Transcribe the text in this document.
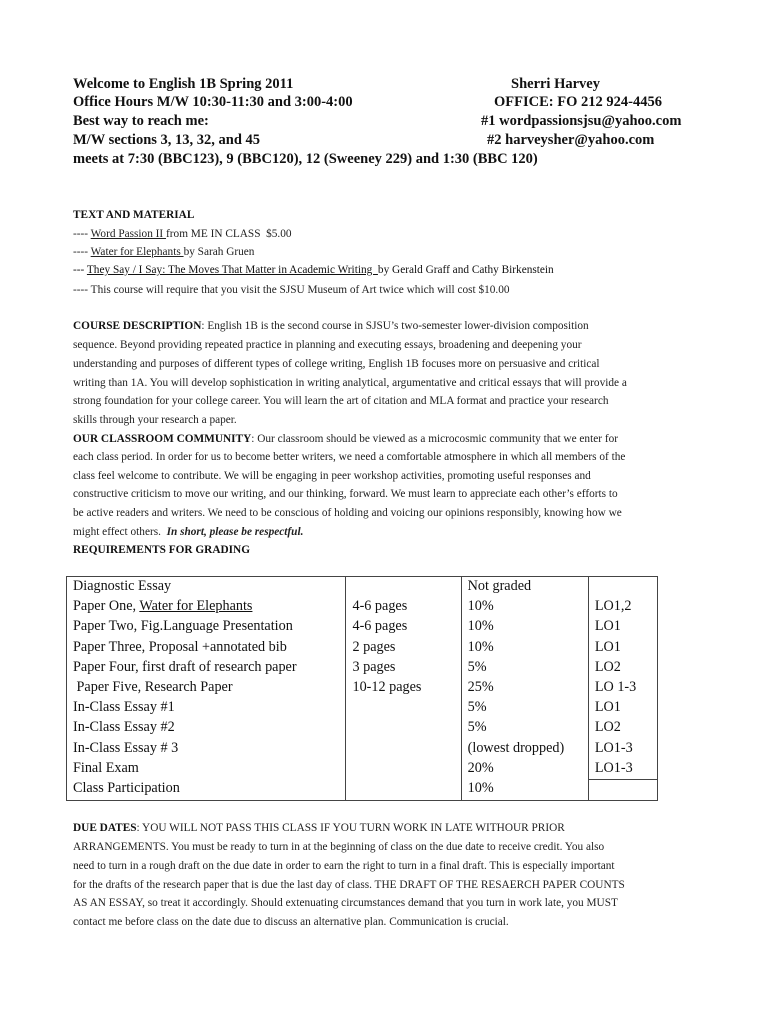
Welcome to English 1B Spring 2011	Sherri Harvey
Office Hours M/W 10:30-11:30 and 3:00-4:00	OFFICE: FO 212 924-4456
Best way to reach me:	#1 wordpassionsjsu@yahoo.com
M/W sections 3, 13, 32, and 45	#2 harveysher@yahoo.com
meets at 7:30 (BBC123), 9 (BBC120), 12 (Sweeney 229) and 1:30 (BBC 120)
TEXT AND MATERIAL
---- Word Passion II from ME IN CLASS  $5.00
---- Water for Elephants by Sarah Gruen
--- They Say / I Say: The Moves That Matter in Academic Writing  by Gerald Graff and Cathy Birkenstein
---- This course will require that you visit the SJSU Museum of Art twice which will cost $10.00
COURSE DESCRIPTION: English 1B is the second course in SJSU’s two-semester lower-division composition
sequence. Beyond providing repeated practice in planning and executing essays, broadening and deepening your
understanding and purposes of different types of college writing, English 1B focuses more on persuasive and critical
writing than 1A. You will develop sophistication in writing analytical, argumentative and critical essays that will provide a
strong foundation for your college career. You will learn the art of citation and MLA format and practice your research
skills through your research a paper.
OUR CLASSROOM COMMUNITY: Our classroom should be viewed as a microcosmic community that we enter for
each class period. In order for us to become better writers, we need a comfortable atmosphere in which all members of the
class feel welcome to contribute. We will be engaging in peer workshop activities, promoting useful responses and
constructive criticism to move our writing, and our thinking, forward. We must learn to appreciate each other’s efforts to
be active readers and writers. We need to be conscious of holding and voicing our opinions responsibly, knowing how we
might effect others.  In short, please be respectful.
REQUIREMENTS FOR GRADING
Diagnostic Essay		Not graded	
Paper One, Water for Elephants	4-6 pages	10%	LO1,2
Paper Two, Fig.Language Presentation	4-6 pages	10%	LO1
Paper Three, Proposal +annotated bib	2 pages	10%	LO1
Paper Four, first draft of research paper	3 pages	5%	LO2
Paper Five, Research Paper	10-12 pages	25%	LO 1-3
In-Class Essay #1		5%	LO1
In-Class Essay #2		5%	LO2
In-Class Essay # 3		(lowest dropped)	LO1-3
Final Exam		20%	LO1-3
Class Participation		10%	
DUE DATES: YOU WILL NOT PASS THIS CLASS IF YOU TURN WORK IN LATE WITHOUR PRIOR
ARRANGEMENTS. You must be ready to turn in at the beginning of class on the due date to receive credit. You also
need to turn in a rough draft on the due date in order to earn the right to turn in a final draft. This is especially important
for the drafts of the research paper that is due the last day of class. THE DRAFT OF THE RESAERCH PAPER COUNTS
AS AN ESSAY, so treat it accordingly. Should extenuating circumstances demand that you turn in work late, you MUST
contact me before class on the date due to discuss an alternative plan. Communication is crucial.
